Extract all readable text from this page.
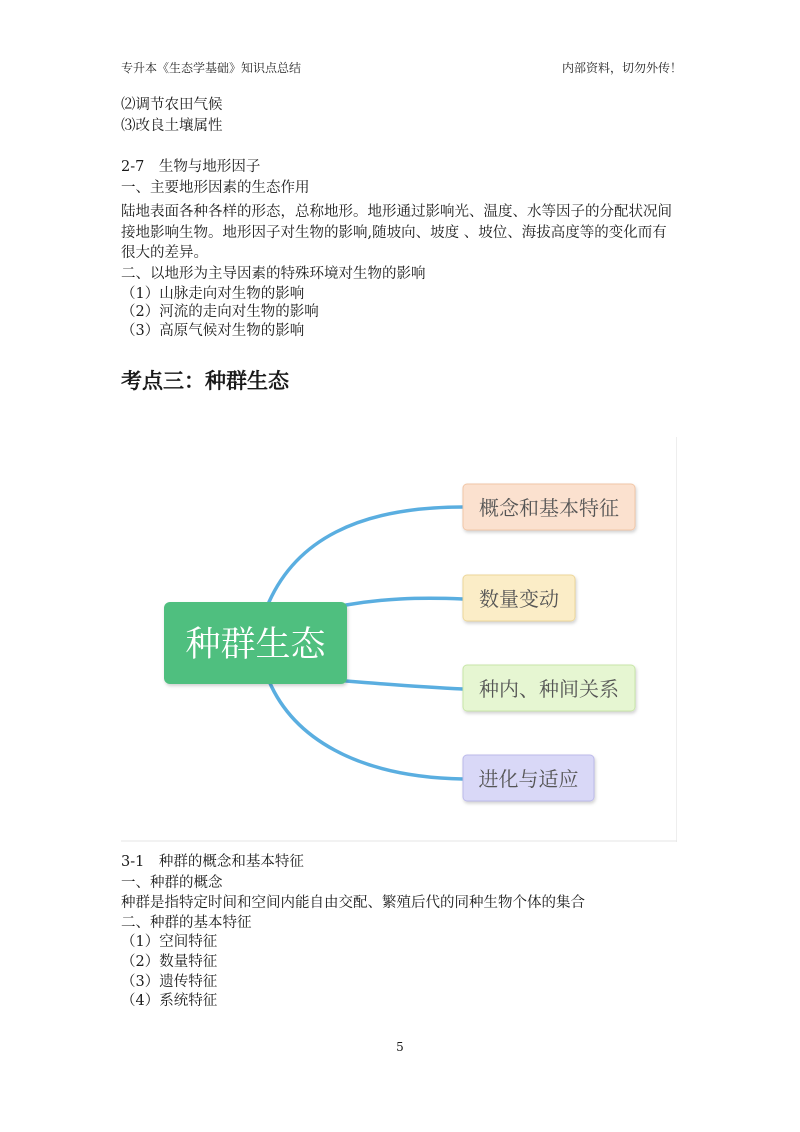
专升本《生态学基础》知识点总结	内部资料，切勿外传！
⑵调节农田气候
⑶改良土壤属性
2-7　生物与地形因子
一、主要地形因素的生态作用
陆地表面各种各样的形态，总称地形。地形通过影响光、温度、水等因子的分配状况间接地影响生物。地形因子对生物的影响,随坡向、坡度 、坡位、海拔高度等的变化而有很大的差异。
二、以地形为主导因素的特殊环境对生物的影响
（1）山脉走向对生物的影响
（2）河流的走向对生物的影响
（3）高原气候对生物的影响
考点三：种群生态
种群生态
概念和基本特征
数量变动
种内、种间关系
进化与适应
3-1　种群的概念和基本特征
一、种群的概念
种群是指特定时间和空间内能自由交配、繁殖后代的同种生物个体的集合
二、种群的基本特征
（1）空间特征
（2）数量特征
（3）遗传特征
（4）系统特征
5
